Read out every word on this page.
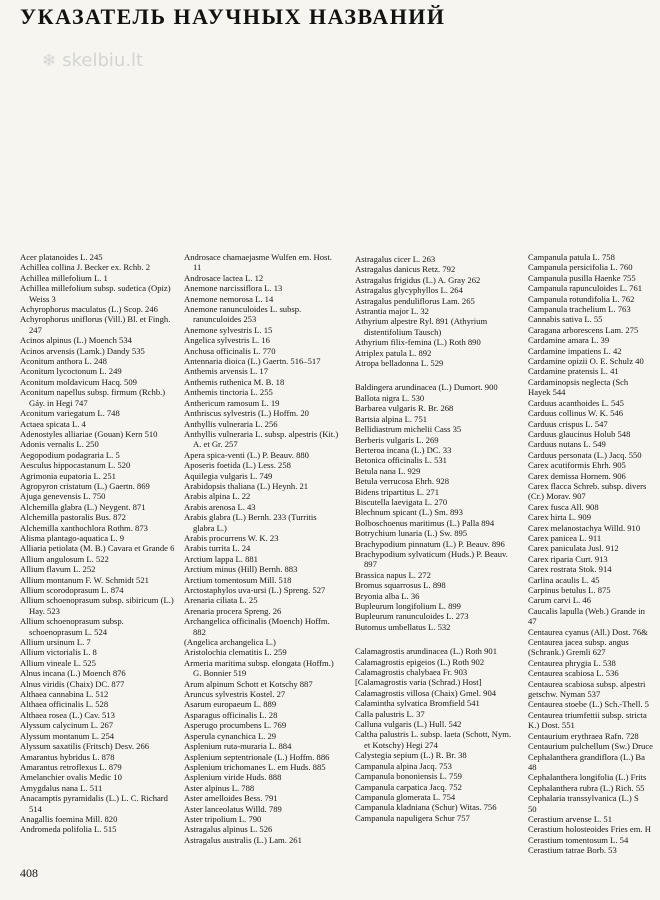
УКАЗАТЕЛЬ НАУЧНЫХ НАЗВАНИЙ
❄ skelbiu.lt
Acer platanoides L. 245
Achillea collina J. Becker ex. Rchb. 2
Achillea millefolium L. 1
Achillea millefolium subsp. sudetica (Opiz) Weiss 3
Achyrophorus maculatus (L.) Scop. 246
Achyrophorus uniflorus (Vill.) Bl. et Fingh. 247
Acinos alpinus (L.) Moench 534
Acinos arvensis (Lamk.) Dandy 535
Aconitum anthora L. 248
Aconitum lycoctonum L. 249
Aconitum moldavicum Hacq. 509
Aconitum napellus subsp. firmum (Rchb.) Gáy. in Hegi 747
Aconitum variegatum L. 748
Actaea spicata L. 4
Adenostyles alliariae (Gouan) Kern 510
Adonis vernalis L. 250
Aegopodium podagraria L. 5
Aesculus hippocastanum L. 520
Agrimonia eupatoria L. 251
Agropyron cristatum (L.) Gaertn. 869
Ajuga genevensis L. 750
Alchemilla glabra (L.) Neygent. 871
Alchemilla pastoralis Bus. 872
Alchemilla xanthochlora Rothm. 873
Alisma plantago-aquatica L. 9
Alliaria petiolata (M. B.) Cavara et Grande 6
Allium angulosum L. 522
Allium flavum L. 252
Allium montanum F. W. Schmidt 521
Allium scorodoprasum L. 874
Allium schoenoprasum subsp. sibiricum (L.) Hay. 523
Allium schoenoprasum subsp. schoenoprasum L. 524
Allium ursinum L. 7
Allium victorialis L. 8
Allium vineale L. 525
Alnus incana (L.) Moench 876
Alnus viridis (Chaix) DC. 877
Althaea cannabina L. 512
Althaea officinalis L. 528
Althaea rosea (L.) Cav. 513
Alyssum calycinum L. 267
Alyssum montanum L. 254
Alyssum saxatilis (Fritsch) Desv. 266
Amarantus hybridus L. 878
Amarantus retroflexus L. 879
Amelanchier ovalis Medic 10
Amygdalus nana L. 511
Anacamptis pyramidalis (L.) L. C. Richard 514
Anagallis foemina Mill. 820
Andromeda polifolia L. 515
Androsace chamaejasme Wulfen em. Host. 11
Androsace lactea L. 12
Anemone narcissiflora L. 13
Anemone nemorosa L. 14
Anemone ranunculoides L. subsp. ranunculoides 253
Anemone sylvestris L. 15
Angelica sylvestris L. 16
Anchusa officinalis L. 770
Antennaria dioica (L.) Gaertn. 516–517
Anthemis arvensis L. 17
Anthemis ruthenica M. B. 18
Anthemis tinctoria L. 255
Anthericum ramosum L. 19
Anthriscus sylvestris (L.) Hoffm. 20
Anthyllis vulneraria L. 256
Anthyllis vulneraria L. subsp. alpestris (Kit.) A. et Gr. 257
Apera spica-venti (L.) P. Beauv. 880
Aposeris foetida (L.) Less. 258
Aquilegia vulgaris L. 749
Arabidopsis thaliana (L.) Heynh. 21
Arabis alpina L. 22
Arabis arenosa L. 43
Arabis glabra (L.) Bernh. 233 (Turritis glabra L.)
Arabis procurrens W. K. 23
Arabis turrita L. 24
Arctium lappa L. 881
Arctium minus (Hill) Bernh. 883
Arctium tomentosum Mill. 518
Arctostaphylos uva-ursi (L.) Spreng. 527
Arenaria ciliata L. 25
Arenaria procera Spreng. 26
Archangelica officinalis (Moench) Hoffm. 882
(Angelica archangelica L.)
Aristolochia clematitis L. 259
Armeria maritima subsp. elongata (Hoffm.) G. Bonnier 519
Arum alpinum Schott et Kotschy 887
Aruncus sylvestris Kostel. 27
Asarum europaeum L. 889
Asparagus officinalis L. 28
Asperugo procumbens L. 769
Asperula cynanchica L. 29
Asplenium ruta-muraria L. 884
Asplenium septentrionale (L.) Hoffm. 886
Asplenium trichomanes L. em Huds. 885
Asplenium viride Huds. 888
Aster alpinus L. 788
Aster amelloides Bess. 791
Aster lanceolatus Willd. 789
Aster tripolium L. 790
Astragalus alpinus L. 526
Astragalus australis (L.) Lam. 261
Astragalus cicer L. 263
Astragalus danicus Retz. 792
Astragalus frigidus (L.) A. Gray 262
Astragalus glycyphyllos L. 264
Astragalus penduliflorus Lam. 265
Astrantia major L. 32
Athyrium alpestre Ryl. 891 (Athyrium distentifolium Tausch)
Athyrium filix-femina (L.) Roth 890
Atriplex patula L. 892
Atropa belladonna L. 529
Baldingera arundinacea (L.) Dumort. 900
Ballota nigra L. 530
Barbarea vulgaris R. Br. 268
Bartsia alpina L. 751
Bellidiastrum michelii Cass 35
Berberis vulgaris L. 269
Berteroa incana (L.) DC. 33
Betonica officinalis L. 531
Betula nana L. 929
Betula verrucosa Ehrh. 928
Bidens tripartitus L. 271
Biscutella laevigata L. 270
Blechnum spicant (L.) Sm. 893
Bolboschoenus maritimus (L.) Palla 894
Botrychium lunaria (L.) Sw. 895
Brachypodium pinnatum (L.) P. Beauv. 896
Brachypodium sylvaticum (Huds.) P. Beauv. 897
Brassica napus L. 272
Bromus squarrosus L. 898
Bryonia alba L. 36
Bupleurum longifolium L. 899
Bupleurum ranunculoides L. 273
Butomus umbellatus L. 532
Calamagrostis arundinacea (L.) Roth 901
Calamagrostis epigeios (L.) Roth 902
Calamagrostis chalybaea Fr. 903
[Calamagrostis varia (Schrad.) Host]
Calamagrostis villosa (Chaix) Gmel. 904
Calamintha sylvatica Bromfield 541
Calla palustris L. 37
Calluna vulgaris (L.) Hull. 542
Caltha palustris L. subsp. laeta (Schott, Nym. et Kotschy) Hegi 274
Calystegia sepium (L.) R. Br. 38
Campanula alpina Jacq. 753
Campanula bononiensis L. 759
Campanula carpatica Jacq. 752
Campanula glomerata L. 754
Campanula kladniana (Schur) Witas. 756
Campanula napuligera Schur 757
Campanula patula L. 758
Campanula persicifolia L. 760
Campanula pusilla Haenke 755
Campanula rapunculoides L. 761
Campanula rotundifolia L. 762
Campanula trachelium L. 763
Cannabis sativa L. 55
Caragana arborescens Lam. 275
Cardamine amara L. 39
Cardamine impatiens L. 42
Cardamine opizii O. E. Schulz 40
Cardamine pratensis L. 41
Cardaminopsis neglecta (Sch
Hayek 544
Carduus acanthoides L. 545
Carduus collinus W. K. 546
Carduus crispus L. 547
Carduus glaucinus Holub 548
Carduus nutans L. 549
Carduus personata (L.) Jacq. 550
Carex acutiformis Ehrh. 905
Carex demissa Hornem. 906
Carex flacca Schreb. subsp. divers
(Cr.) Morav. 907
Carex fusca All. 908
Carex hirta L. 909
Carex melanostachya Willd. 910
Carex panicea L. 911
Carex paniculata Jusl. 912
Carex riparia Curt. 913
Carex rostrata Stok. 914
Carlina acaulis L. 45
Carpinus betulus L. 875
Carum carvi L. 46
Caucalis lapulla (Web.) Grande in
47
Centaurea cyanus (All.) Dost. 76&
Centaurea jacea subsp. angus
(Schrank.) Gremli 627
Centaurea phrygia L. 538
Centaurea scabiosa L. 536
Centaurea scabiosa subsp. alpestri
getschw. Nyman 537
Centaurea stoebe (L.) Sch.-Thell. 5
Centaurea triumfettii subsp. stricta
K.) Dost. 551
Centaurium erythraea Rafn. 728
Centaurium pulchellum (Sw.) Druce
Cephalanthera grandiflora (L.) Ba
48
Cephalanthera longifolia (L.) Frits
Cephalanthera rubra (L.) Rich. 55
Cephalaria transsylvanica (L.) S
50
Cerastium arvense L. 51
Cerastium holosteoides Fries em. H
Cerastium tomentosum L. 54
Cerastium tatrae Borb. 53
408
